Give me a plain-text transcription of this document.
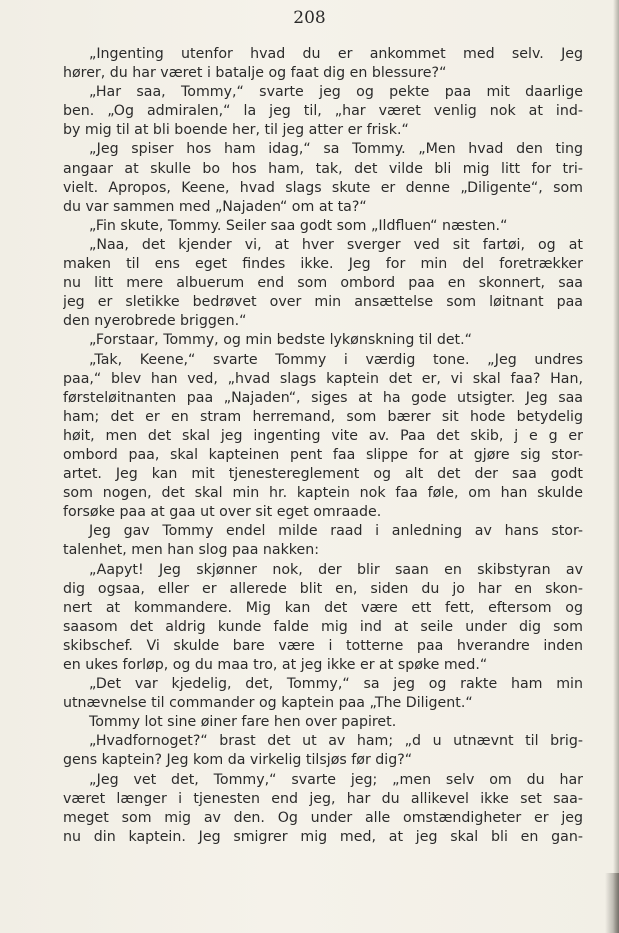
208
„Ingenting utenfor hvad du er ankommet med selv. Jeg
hører, du har været i batalje og faat dig en blessure?“
„Har saa, Tommy,“ svarte jeg og pekte paa mit daarlige
ben. „Og admiralen,“ la jeg til, „har været venlig nok at ind-
by mig til at bli boende her, til jeg atter er frisk.“
„Jeg spiser hos ham idag,“ sa Tommy. „Men hvad den ting
angaar at skulle bo hos ham, tak, det vilde bli mig litt for tri-
vielt. Apropos, Keene, hvad slags skute er denne „Diligente“, som
du var sammen med „Najaden“ om at ta?“
„Fin skute, Tommy. Seiler saa godt som „Ildfluen“ næsten.“
„Naa, det kjender vi, at hver sverger ved sit fartøi, og at
maken til ens eget findes ikke. Jeg for min del foretrækker
nu litt mere albuerum end som ombord paa en skonnert, saa
jeg er sletikke bedrøvet over min ansættelse som løitnant paa
den nyerobrede briggen.“
„Forstaar, Tommy, og min bedste lykønskning til det.“
„Tak, Keene,“ svarte Tommy i værdig tone. „Jeg undres
paa,“ blev han ved, „hvad slags kaptein det er, vi skal faa? Han,
førsteløitnanten paa „Najaden“, siges at ha gode utsigter. Jeg saa
ham; det er en stram herremand, som bærer sit hode betydelig
høit, men det skal jeg ingenting vite av. Paa det skib, j e g er
ombord paa, skal kapteinen pent faa slippe for at gjøre sig stor-
artet. Jeg kan mit tjenestereglement og alt det der saa godt
som nogen, det skal min hr. kaptein nok faa føle, om han skulde
forsøke paa at gaa ut over sit eget omraade.
Jeg gav Tommy endel milde raad i anledning av hans stor-
talenhet, men han slog paa nakken:
„Aapyt! Jeg skjønner nok, der blir saan en skibstyran av
dig ogsaa, eller er allerede blit en, siden du jo har en skon-
nert at kommandere. Mig kan det være ett fett, eftersom og
saasom det aldrig kunde falde mig ind at seile under dig som
skibschef. Vi skulde bare være i totterne paa hverandre inden
en ukes forløp, og du maa tro, at jeg ikke er at spøke med.“
„Det var kjedelig, det, Tommy,“ sa jeg og rakte ham min
utnævnelse til commander og kaptein paa „The Diligent.“
Tommy lot sine øiner fare hen over papiret.
„Hvadfornoget?“ brast det ut av ham; „d u utnævnt til brig-
gens kaptein? Jeg kom da virkelig tilsjøs før dig?“
„Jeg vet det, Tommy,“ svarte jeg; „men selv om du har
været længer i tjenesten end jeg, har du allikevel ikke set saa-
meget som mig av den. Og under alle omstændigheter er jeg
nu din kaptein. Jeg smigrer mig med, at jeg skal bli en gan-
